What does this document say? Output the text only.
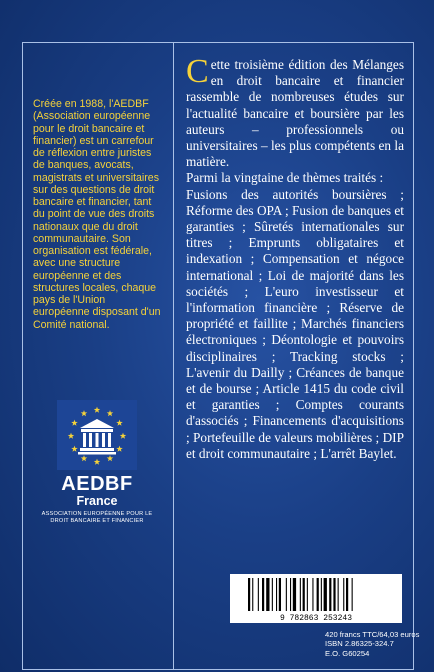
Créée en 1988, l'AEDBF (Association européenne pour le droit bancaire et financier) est un carrefour de réflexion entre juristes de banques, avocats, magistrats et universitaires sur des questions de droit bancaire et financier, tant du point de vue des droits nationaux que du droit communautaire. Son organisation est fédérale, avec une structure européenne et des structures locales, chaque pays de l'Union européenne disposant d'un Comité national.

AEDBF
France
ASSOCIATION EUROPÉENNE POUR LE DROIT BANCAIRE ET FINANCIER

Cette troisième édition des Mélanges en droit bancaire et financier rassemble de nombreuses études sur l'actualité bancaire et boursière par les auteurs – professionnels ou universitaires – les plus compétents en la matière.

Parmi la vingtaine de thèmes traités :

Fusions des autorités boursières ; Réforme des OPA ; Fusion de banques et garanties ; Sûretés internationales sur titres ; Emprunts obligataires et indexation ; Compensation et négoce international ; Loi de majorité dans les sociétés ; L'euro investisseur et l'information financière ; Réserve de propriété et faillite ; Marchés financiers électroniques ; Déontologie et pouvoirs disciplinaires ; Tracking stocks ; L'avenir du Dailly ; Créances de banque et de bourse ; Article 1415 du code civil et garanties ; Comptes courants d'associés ; Financements d'acquisitions ; Portefeuille de valeurs mobilières ; DIP et droit communautaire ; L'arrêt Baylet.

9 782863 253243
420 francs TTC/64,03 euros
ISBN 2.86325-324.7
E.O. G60254
